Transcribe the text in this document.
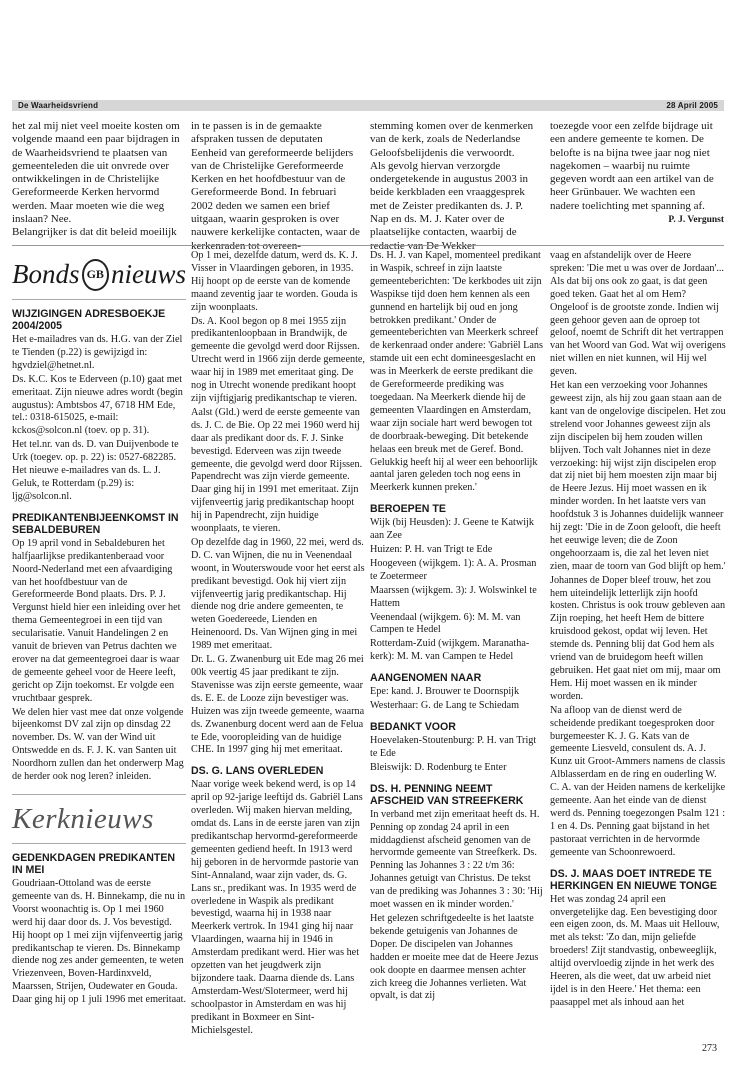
De Waarheidsvriend	28 April 2005

het zal mij niet veel moeite kosten om volgende maand een paar bijdragen in de Waarheidsvriend te plaatsen van gemeenteleden die uit onvrede over ontwikkelingen in de Christelijke Gereformeerde Kerken hervormd werden. Maar moeten wie die weg inslaan? Nee.

Belangrijker is dat dit beleid moeilijk

in te passen is in de gemaakte afspraken tussen de deputaten Eenheid van gereformeerde belijders van de Christelijke Gereformeerde Kerken en het hoofdbestuur van de Gereformeerde Bond. In februari 2002 deden we samen een brief uitgaan, waarin gesproken is over nauwere kerkelijke contacten, waar de

stemming komen over de kenmerken van de kerk, zoals de Nederlandse Geloofsbelijdenis die verwoordt.

Als gevolg hiervan verzorgde ondergetekende in augustus 2003 in beide kerkbladen een vraaggesprek met de Zeister predikanten ds. J. P. Nap en ds. M. J. Kater over de plaatselijke contacten, waarbij de

toezegde voor een zelfde bijdrage uit een andere gemeente te komen. De belofte is na bijna twee jaar nog niet nagekomen – waarbij nu ruimte gegeven wordt aan een artikel van de heer Grünbauer. We wachten een nadere toelichting met spanning af.

P. J. Vergunst
Bonds GB nieuws
WIJZIGINGEN ADRESBOEKJE 2004/2005

Het e-mailadres van ds. H.G. van der Ziel te Tienden (p.22) is gewijzigd in: hgvdziel@hetnet.nl.

Ds. K.C. Kos te Ederveen (p.10) gaat met emeritaat. Zijn nieuwe adres wordt (begin augustus): Ambtsbos 47, 6718 HM Ede, tel.: 0318-615025, e-mail: kckos@solcon.nl (toev. op p. 31).

Het tel.nr. van ds. D. van Duijvenbode te Urk (toegev. op. p. 22) is: 0527-682285. Het nieuwe e-mailadres van ds. L. J. Geluk, te Rotterdam (p.29) is: ljg@solcon.nl.

PREDIKANTENBIJEENKOMST IN SEBALDEBUREN

Op 19 april vond in Sebaldeburen het halfjaarlijkse predikantenberaad voor Noord-Nederland met een afvaardiging van het hoofdbestuur van de Gereformeerde Bond plaats. Drs. P. J. Vergunst hield hier een inleiding over het thema Gemeentegroei in een tijd van secularisatie. Vanuit Handelingen 2 en vanuit de brieven van Petrus dachten we erover na dat gemeentegroei daar is waar de gemeente geheel voor de Heere leeft, gericht op Zijn toekomst. Er volgde een vruchtbaar gesprek.

We delen hier vast mee dat onze volgende bijeenkomst DV zal zijn op dinsdag 22 november. Ds. W. van der Wind uit Ontswedde en ds. F. J. K. van Santen uit Noordhorn zullen dan het onderwerp Mag de herder ook nog leren? inleiden.

Kerknieuws
GEDENKDAGEN PREDIKANTEN IN MEI

Goudriaan-Ottoland was de eerste gemeente van ds. H. Binnekamp, die nu in Voorst woonachtig is. Op 1 mei 1960 werd hij daar door ds. J. Vos bevestigd. Hij hoopt op 1 mei zijn vijfenveertig jarig predikantschap te vieren. Ds. Binnekamp diende nog zes ander gemeenten, te weten Vriezenveen, Boven-Hardinxveld, Maarssen, Strijen, Oudewater en Gouda. Daar ging hij op 1 juli 1996 met emeritaat.

Op 1 mei, dezelfde datum, werd ds. K. J. Visser in Vlaardingen geboren, in 1935. Hij hoopt op de eerste van de komende maand zeventig jaar te worden. Gouda is zijn woonplaats.

Ds. A. Kool begon op 8 mei 1955 zijn predikantenloopbaan in Brandwijk, de gemeente die gevolgd werd door Rijssen. Utrecht werd in 1966 zijn derde gemeente, waar hij in 1989 met emeritaat ging. De nog in Utrecht wonende predikant hoopt zijn vijftigjarig predikantschap te vieren.

Aalst (Gld.) werd de eerste gemeente van ds. J. C. de Bie. Op 22 mei 1960 werd hij daar als predikant door ds. F. J. Sinke bevestigd. Ederveen was zijn tweede gemeente, die gevolgd werd door Rijssen. Papendrecht was zijn vierde gemeente. Daar ging hij in 1991 met emeritaat. Zijn vijfenveertig jarig predikantschap hoopt hij in Papendrecht, zijn huidige woonplaats, te vieren.

Op dezelfde dag in 1960, 22 mei, werd ds. D. C. van Wijnen, die nu in Veenendaal woont, in Wouterswoude voor het eerst als predikant bevestigd. Ook hij viert zijn vijfenveertig jarig predikantschap. Hij diende nog drie andere gemeenten, te weten Goedereede, Lienden en Heinenoord. Ds. Van Wijnen ging in mei 1989 met emeritaat.

Dr. L. G. Zwanenburg uit Ede mag 26 mei 00k veertig 45 jaar predikant te zijn. Stavenisse was zijn eerste gemeente, waar ds. E. E. de Looze zijn bevestiger was. Huizen was zijn tweede gemeente, waarna ds. Zwanenburg docent werd aan de Felua te Ede, vooropleiding van de huidige CHE. In 1997 ging hij met emeritaat.

DS. G. LANS OVERLEDEN

Naar vorige week bekend werd, is op 14 april op 92-jarige leeftijd ds. Gabriël Lans overleden. Wij maken hiervan melding, omdat ds. Lans in de eerste jaren van zijn predikantschap hervormd-gereformeerde gemeenten gediend heeft. In 1913 werd hij geboren in de hervormde pastorie van Sint-Annaland, waar zijn vader, ds. G. Lans sr., predikant was. In 1935 werd de overledene in Waspik als predikant bevestigd, waarna hij in 1938 naar Meerkerk vertrok. In 1941 ging hij naar Vlaardingen, waarna hij in 1946 in Amsterdam predikant werd. Hier was het opzetten van het jeugdwerk zijn bijzondere taak. Daarna diende ds. Lans Amsterdam-West/Slotermeer, werd hij schoolpastor in Amsterdam en was hij predikant in Boxmeer en Sint-Michielsgestel.

Ds. H. J. van Kapel, momenteel predikant in Waspik, schreef in zijn laatste gemeenteberichten: 'De kerkbodes uit zijn Waspikse tijd doen hem kennen als een gunnend en hartelijk bij oud en jong betrokken predikant.' Onder de gemeenteberichten van Meerkerk schreef de kerkenraad onder andere: 'Gabriël Lans stamde uit een echt domineesgeslacht en was in Meerkerk de eerste predikant die de Gereformeerde prediking was toegedaan. Na Meerkerk diende hij de gemeenten Vlaardingen en Amsterdam, waar zijn sociale hart werd bewogen tot de doorbraak-beweging. Dit betekende helaas een breuk met de Geref. Bond. Gelukkig heeft hij al weer een behoorlijk aantal jaren geleden toch nog eens in Meerkerk kunnen preken.'

BEROEPEN TE

Wijk (bij Heusden): J. Geene te Katwijk aan Zee

Huizen: P. H. van Trigt te Ede

Hoogeveen (wijkgem. 1): A. A. Prosman te Zoetermeer

Maarssen (wijkgem. 3): J. Wolswinkel te Hattem

Veenendaal (wijkgem. 6): M. M. van Campen te Hedel

Rotterdam-Zuid (wijkgem. Maranatha-kerk): M. M. van Campen te Hedel

AANGENOMEN NAAR

Epe: kand. J. Brouwer te Doornspijk

Westerhaar: G. de Lang te Schiedam

BEDANKT VOOR

Hoevelaken-Stoutenburg: P. H. van Trigt te Ede

Bleiswijk: D. Rodenburg te Enter

DS. H. PENNING NEEMT AFSCHEID VAN STREEFKERK

In verband met zijn emeritaat heeft ds. H. Penning op zondag 24 april in een middagdienst afscheid genomen van de hervormde gemeente van Streefkerk. Ds. Penning las Johannes 3 : 22 t/m 36: Johannes getuigt van Christus. De tekst van de prediking was Johannes 3 : 30: 'Hij moet wassen en ik minder worden.'

Het gelezen schriftgedeelte is het laatste bekende getuigenis van Johannes de Doper. De discipelen van Johannes hadden er moeite mee dat de Heere Jezus ook doopte en daarmee mensen achter zich kreeg die Johannes verlieten. Wat opvalt, is dat zij

vaag en afstandelijk over de Heere spreken: 'Die met u was over de Jordaan'... Als dat bij ons ook zo gaat, is dat geen goed teken. Gaat het al om Hem? Ongeloof is de grootste zonde. Indien wij geen gehoor geven aan de oproep tot geloof, noemt de Schrift dit het vertrappen van het Woord van God. Wat wij overigens niet willen en niet kunnen, wil Hij wel geven.

Het kan een verzoeking voor Johannes geweest zijn, als hij zou gaan staan aan de kant van de ongelovige discipelen. Het zou strelend voor Johannes geweest zijn als zijn discipelen bij hem zouden willen blijven. Toch valt Johannes niet in deze verzoeking: hij wijst zijn discipelen erop dat zij niet bij hem moesten zijn maar bij de Heere Jezus. Hij moet wassen en ik minder worden. In het laatste vers van hoofdstuk 3 is Johannes duidelijk wanneer hij zegt: 'Die in de Zoon gelooft, die heeft het eeuwige leven; die de Zoon ongehoorzaam is, die zal het leven niet zien, maar de toorn van God blijft op hem.'

Johannes de Doper bleef trouw, het zou hem uiteindelijk letterlijk zijn hoofd kosten. Christus is ook trouw gebleven aan Zijn roeping, het heeft Hem de bittere kruisdood gekost, opdat wij leven. Het stemde ds. Penning blij dat God hem als vriend van de bruidegom heeft willen gebruiken. Het gaat niet om mij, maar om Hem. Hij moet wassen en ik minder worden.

Na afloop van de dienst werd de scheidende predikant toegesproken door burgemeester K. J. G. Kats van de gemeente Liesveld, consulent ds. A. J. Kunz uit Groot-Ammers namens de classis Alblasserdam en de ring en ouderling W. C. A. van der Heiden namens de kerkelijke gemeente. Aan het einde van de dienst werd ds. Penning toegezongen Psalm 121 : 1 en 4. Ds. Penning gaat bijstand in het pastoraat verrichten in de hervormde gemeente van Schoonrewoerd.

DS. J. MAAS DOET INTREDE TE HERKINGEN EN NIEUWE TONGE

Het was zondag 24 april een onvergetelijke dag. Een bevestiging door een eigen zoon, ds. M. Maas uit Hellouw, met als tekst: 'Zo dan, mijn geliefde broeders! Zijt standvastig, onbeweeglijk, altijd overvloedig zijnde in het werk des Heeren, als die weet, dat uw arbeid niet ijdel is in den Heere.' Het thema: een paasappel met als inhoud aan het

273
